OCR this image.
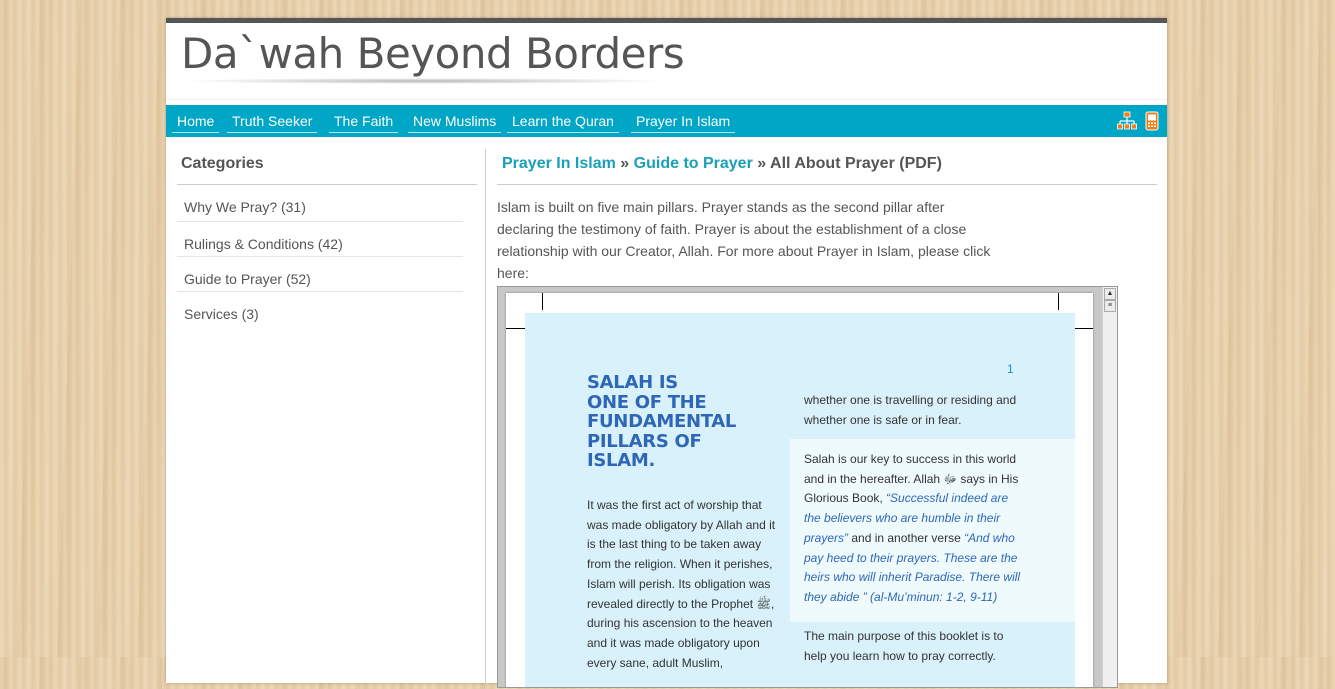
Da`wah Beyond Borders
Home	Truth Seeker	The Faith	New Muslims	Learn the Quran	Prayer In Islam
Categories
Why We Pray? (31)
Rulings & Conditions (42)
Guide to Prayer (52)
Services (3)
Prayer In Islam » Guide to Prayer » All About Prayer (PDF)
Islam is built on five main pillars. Prayer stands as the second pillar after declaring the testimony of faith. Prayer is about the establishment of a close relationship with our Creator, Allah. For more about Prayer in Islam, please click here:
1
SALAH IS
ONE OF THE
FUNDAMENTAL
PILLARS OF
ISLAM.
It was the first act of worship that was made obligatory by Allah and it is the last thing to be taken away from the religion. When it perishes, Islam will perish. Its obligation was revealed directly to the Prophet ﷺ, during his ascension to the heaven and it was made obligatory upon every sane, adult Muslim,
whether one is travelling or residing and whether one is safe or in fear.
Salah is our key to success in this world and in the hereafter. Allah ﷻ says in His Glorious Book, “Successful indeed are the believers who are humble in their prayers” and in another verse “And who pay heed to their prayers. These are the heirs who will inherit Paradise. There will they abide ” (al-Mu’minun: 1-2, 9-11)
The main purpose of this booklet is to help you learn how to pray correctly.
▲
≡
